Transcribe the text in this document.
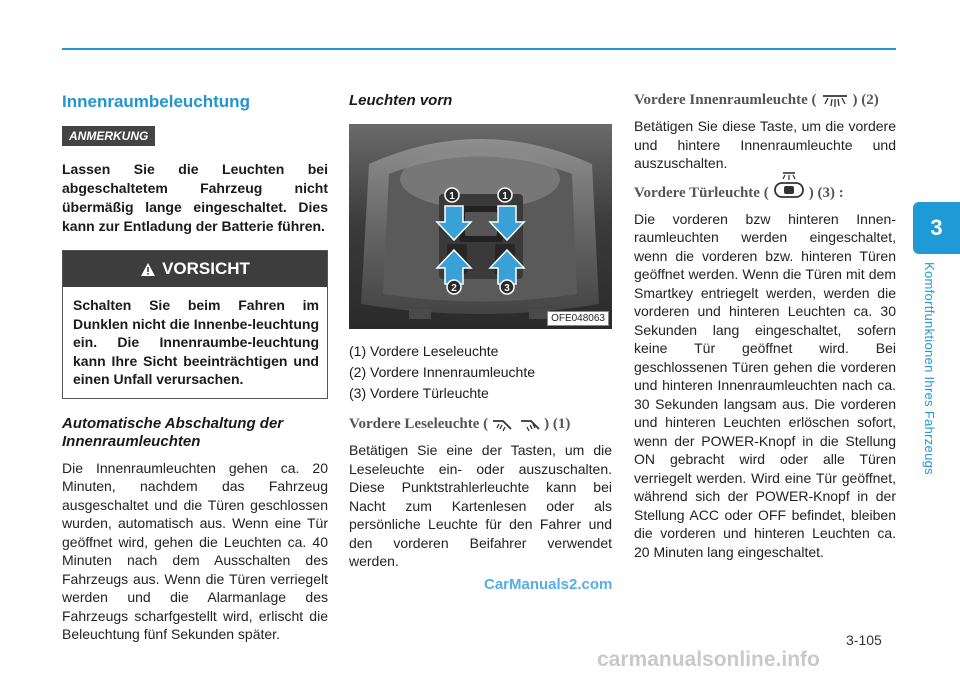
3
Komfortfunktionen Ihres Fahrzeugs
3-105
Innenraumbeleuchtung
ANMERKUNG
Lassen Sie die Leuchten bei abgeschaltetem Fahrzeug nicht übermäßig lange eingeschaltet. Dies kann zur Entladung der Batterie führen.
VORSICHT
Schalten Sie beim Fahren im Dunklen nicht die Innenbe-leuchtung ein. Die Innenraumbe-leuchtung kann Ihre Sicht beeinträchtigen und einen Unfall verursachen.
Automatische Abschaltung der
Innenraumleuchten
Die Innenraumleuchten gehen ca. 20 Minuten, nachdem das Fahrzeug ausgeschaltet und die Türen geschlossen wurden, automatisch aus. Wenn eine Tür geöffnet wird, gehen die Leuchten ca. 40 Minuten nach dem Ausschalten des Fahrzeugs aus. Wenn die Türen verriegelt werden und die Alarmanlage des Fahrzeugs scharfgestellt wird, erlischt die Beleuchtung fünf Sekunden später.
Leuchten vorn
1	1
2	3
OFE048063
(1) Vordere Leseleuchte
(2) Vordere Innenraumleuchte
(3) Vordere Türleuchte
Vordere Leseleuchte (	) (1)
Betätigen Sie eine der Tasten, um die Leseleuchte ein- oder auszuschalten. Diese Punktstrahlerleuchte kann bei Nacht zum Kartenlesen oder als persönliche Leuchte für den Fahrer und den vorderen Beifahrer verwendet werden.
Vordere Innenraumleuchte ( ) (2)
Betätigen Sie diese Taste, um die vordere und hintere Innenraumleuchte und auszuschalten.
Vordere Türleuchte (	) (3) :
Die vorderen bzw hinteren Innen-raumleuchten werden eingeschaltet, wenn die vorderen bzw. hinteren Türen geöffnet werden. Wenn die Türen mit dem Smartkey entriegelt werden, werden die vorderen und hinteren Leuchten ca. 30 Sekunden lang eingeschaltet, sofern keine Tür geöffnet wird. Bei geschlossenen Türen gehen die vorderen und hinteren Innenraumleuchten nach ca. 30 Sekunden langsam aus. Die vorderen und hinteren Leuchten erlöschen sofort, wenn der POWER-Knopf in die Stellung ON gebracht wird oder alle Türen verriegelt werden. Wird eine Tür geöffnet, während sich der POWER-Knopf in der Stellung ACC oder OFF befindet, bleiben die vorderen und hinteren Leuchten ca. 20 Minuten lang eingeschaltet.
CarManuals2.com
carmanualsonline.info
